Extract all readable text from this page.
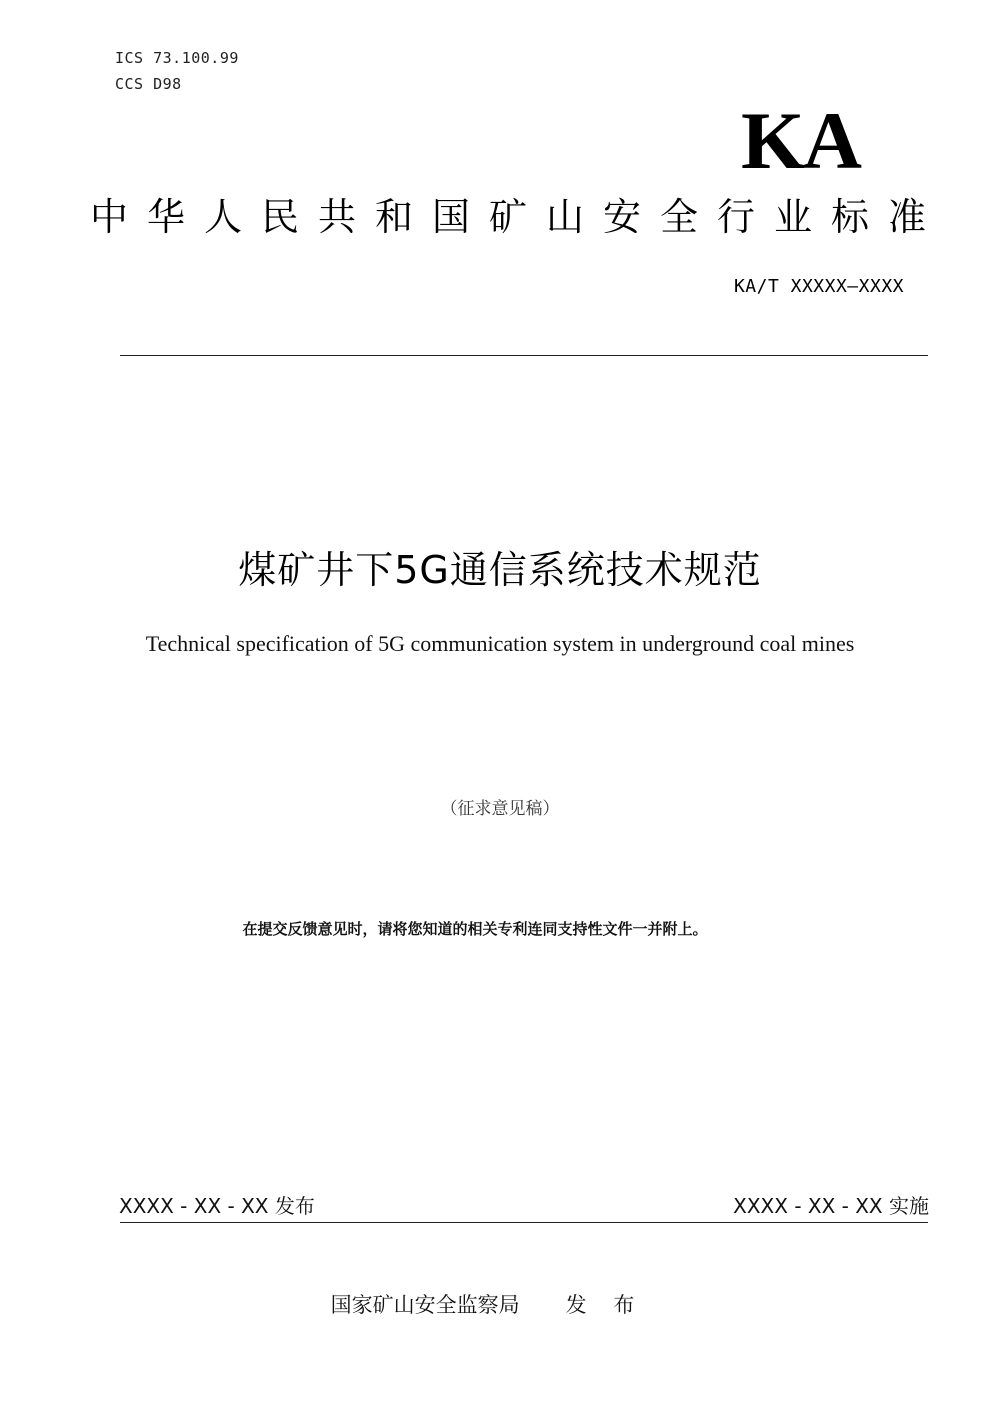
ICS 73.100.99
CCS D98
KA
中华人民共和国矿山安全行业标准
KA/T XXXXX—XXXX
煤矿井下5G通信系统技术规范
Technical specification of 5G communication system in underground coal mines
（征求意见稿）
在提交反馈意见时，请将您知道的相关专利连同支持性文件一并附上。
XXXX - XX - XX 发布	XXXX - XX - XX 实施
国家矿山安全监察局 发 布
